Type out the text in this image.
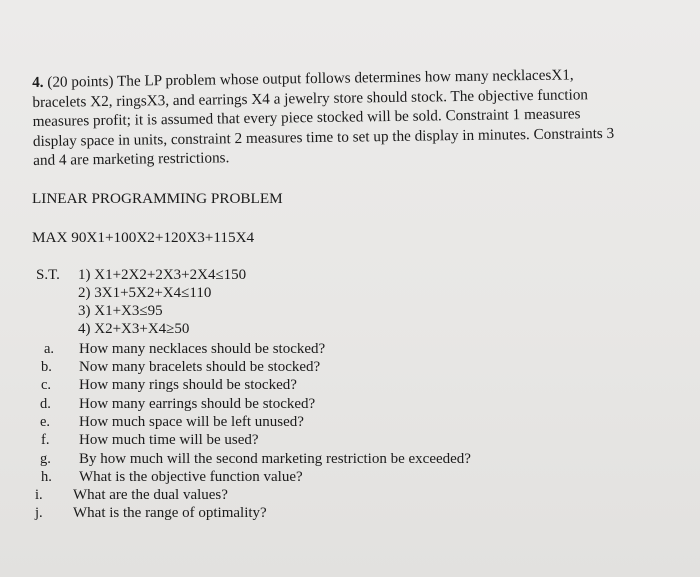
4. (20 points) The LP problem whose output follows determines how many necklacesX1,
bracelets X2, ringsX3, and earrings X4 a jewelry store should stock. The objective function
measures profit; it is assumed that every piece stocked will be sold. Constraint 1 measures
display space in units, constraint 2 measures time to set up the display in minutes. Constraints 3
and 4 are marketing restrictions.
LINEAR PROGRAMMING PROBLEM
MAX 90X1+100X2+120X3+115X4
S.T. 1) X1+2X2+2X3+2X4≤150
2) 3X1+5X2+X4≤110
3) X1+X3≤95
4) X2+X3+X4≥50
a. How many necklaces should be stocked?
b. Now many bracelets should be stocked?
c. How many rings should be stocked?
d. How many earrings should be stocked?
e. How much space will be left unused?
f. How much time will be used?
g. By how much will the second marketing restriction be exceeded?
h. What is the objective function value?
i. What are the dual values?
j. What is the range of optimality?
